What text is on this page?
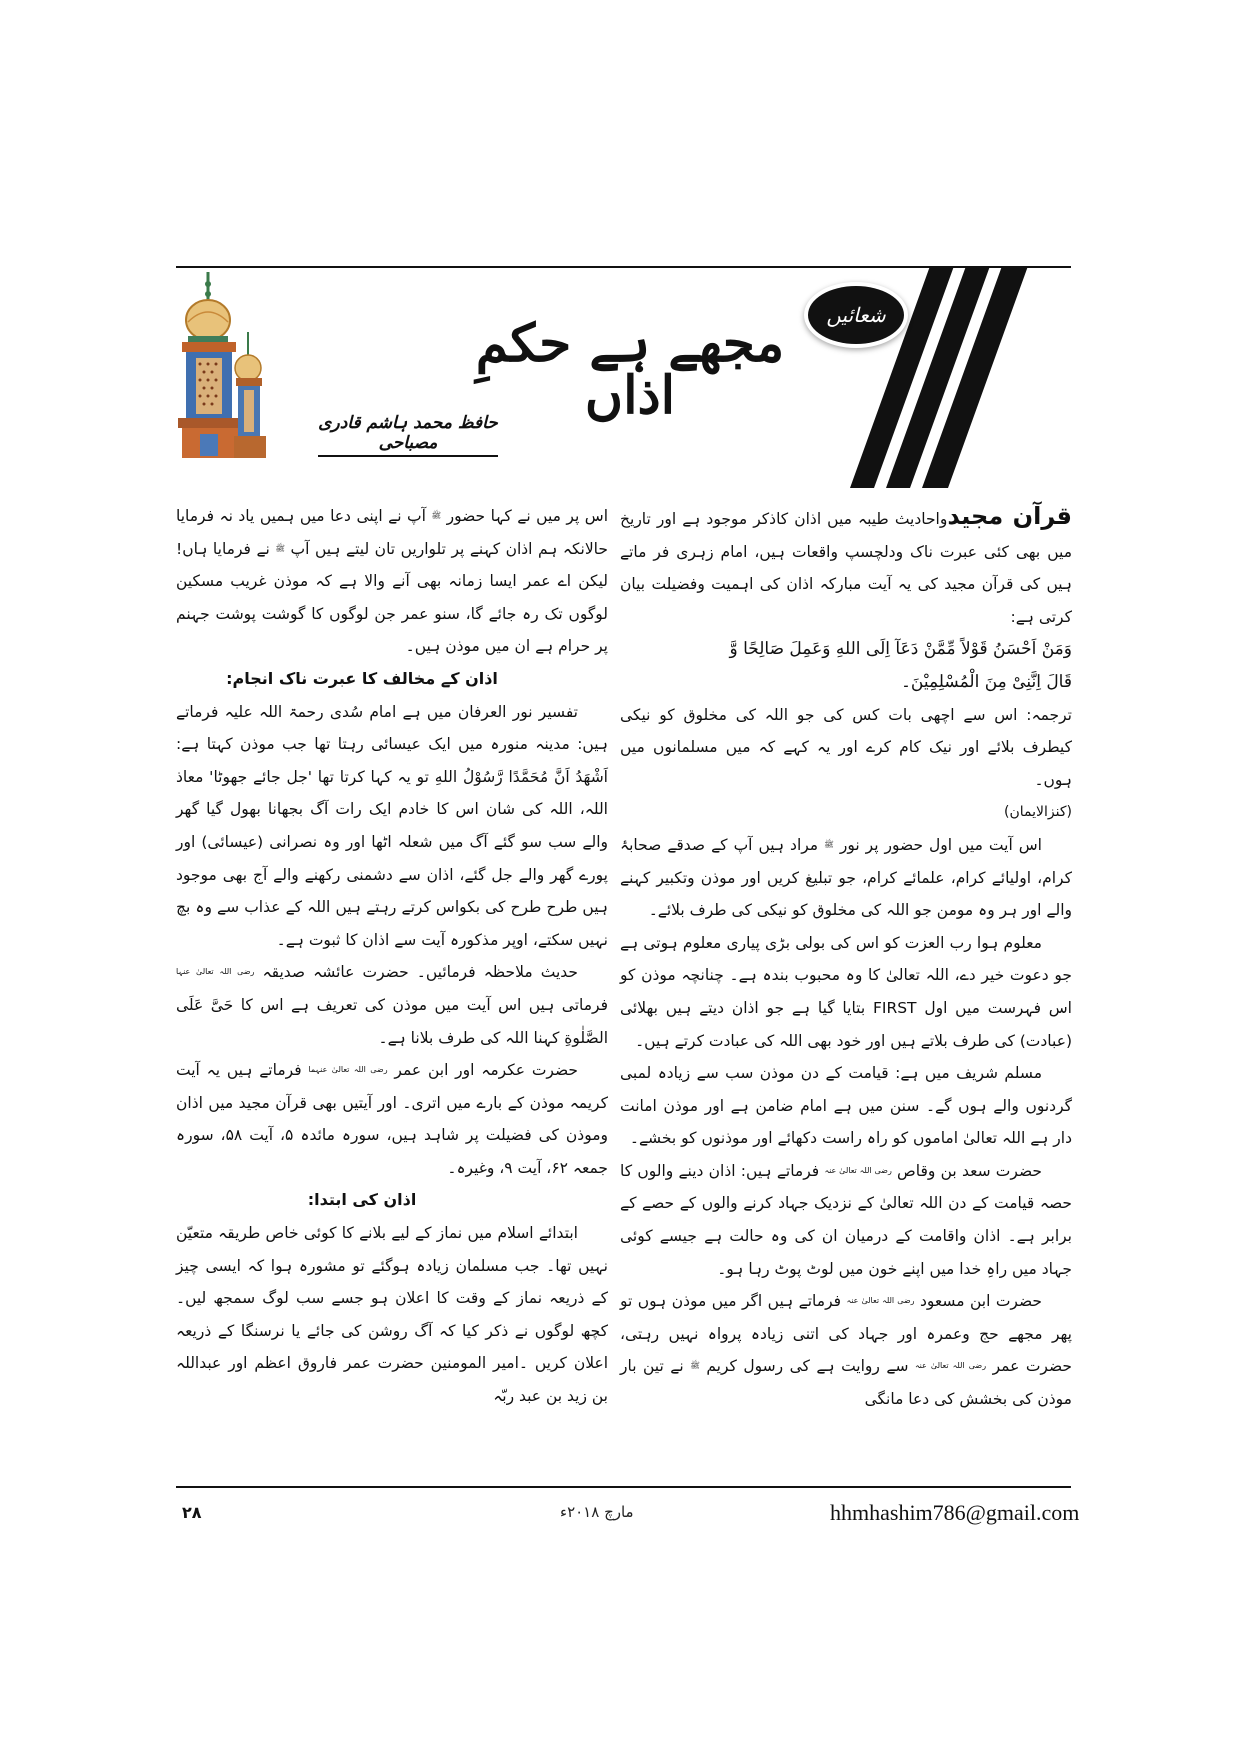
شعائیں
مجھے ہے حکمِ اذاں
حافظ محمد ہاشم قادری مصباحی

قرآن مجیدواحادیث طیبہ میں اذان کاذکر موجود ہے اور تاریخ میں بھی کئی عبرت ناک ودلچسپ واقعات ہیں، امام زہری فر ماتے ہیں کی قرآن مجید کی یہ آیت مبارکہ اذان کی اہمیت وفضیلت بیان کرتی ہے:

وَمَنْ اَحْسَنُ قَوْلاً مِّمَّنْ دَعَآ اِلَى اللهِ وَعَمِلَ صَالِحًا وَّ

قَالَ اِنَّنِیْ مِنَ الْمُسْلِمِیْنَ۔

ترجمہ: اس سے اچھی بات کس کی جو اللہ کی مخلوق کو نیکی کیطرف بلائے اور نیک کام کرے اور یہ کہے کہ میں مسلمانوں میں ہوں۔

(کنزالایمان)

اس آیت میں اول حضور پر نور $^ﷺ$ مراد ہیں آپ کے صدقے صحابۂ کرام، اولیائے کرام، علمائے کرام، جو تبلیغ کریں اور موذن وتکبیر کہنے والے اور ہر وہ مومن جو اللہ کی مخلوق کو نیکی کی طرف بلائے۔

معلوم ہوا رب العزت کو اس کی بولی بڑی پیاری معلوم ہوتی ہے جو دعوت خیر دے، اللہ تعالیٰ کا وہ محبوب بندہ ہے۔ چنانچہ موذن کو اس فہرست میں اول FIRST بتایا گیا ہے جو اذان دیتے ہیں بھلائی (عبادت) کی طرف بلاتے ہیں اور خود بھی اللہ کی عبادت کرتے ہیں۔

مسلم شریف میں ہے: قیامت کے دن موذن سب سے زیادہ لمبی گردنوں والے ہوں گے۔ سنن میں ہے امام ضامن ہے اور موذن امانت دار ہے اللہ تعالیٰ اماموں کو راہ راست دکھائے اور موذنوں کو بخشے۔

حضرت سعد بن وقاص $^{رضی اللہ تعالیٰ عنہ}$ فرماتے ہیں: اذان دینے والوں کا حصہ قیامت کے دن اللہ تعالیٰ کے نزدیک جہاد کرنے والوں کے حصے کے برابر ہے۔ اذان واقامت کے درمیان ان کی وہ حالت ہے جیسے کوئی جہاد میں راہِ خدا میں اپنے خون میں لوٹ پوٹ رہا ہو۔

حضرت ابن مسعود $^{رضی اللہ تعالیٰ عنہ}$ فرماتے ہیں اگر میں موذن ہوں تو پھر مجھے حج وعمرہ اور جہاد کی اتنی زیادہ پرواہ نہیں رہتی، حضرت عمر $^{رضی اللہ تعالیٰ عنہ}$ سے روایت ہے کی رسول کریم $^ﷺ$ نے تین بار موذن کی بخشش کی دعا مانگی

اس پر میں نے کہا حضور $^ﷺ$ آپ نے اپنی دعا میں ہمیں یاد نہ فرمایا حالانکہ ہم اذان کہنے پر تلواریں تان لیتے ہیں آپ $^ﷺ$ نے فرمایا ہاں! لیکن اے عمر ایسا زمانہ بھی آنے والا ہے کہ موذن غریب مسکین لوگوں تک رہ جائے گا، سنو عمر جن لوگوں کا گوشت پوشت جہنم پر حرام ہے ان میں موذن ہیں۔

اذان کے مخالف کا عبرت ناک انجام:

تفسیر نور العرفان میں ہے امام سُدی رحمۃ اللہ علیہ فرماتے ہیں: مدینہ منورہ میں ایک عیسائی رہتا تھا جب موذن کہتا ہے: اَشْهَدُ اَنَّ مُحَمَّدًا رَّسُوْلُ اللهِ تو یہ کہا کرتا تھا 'جل جائے جھوٹا' معاذ اللہ، اللہ کی شان اس کا خادم ایک رات آگ بجھانا بھول گیا گھر والے سب سو گئے آگ میں شعلہ اٹھا اور وہ نصرانی (عیسائی) اور پورے گھر والے جل گئے، اذان سے دشمنی رکھنے والے آج بھی موجود ہیں طرح طرح کی بکواس کرتے رہتے ہیں اللہ کے عذاب سے وہ بچ نہیں سکتے، اوپر مذکورہ آیت سے اذان کا ثبوت ہے۔

حدیث ملاحظہ فرمائیں۔ حضرت عائشہ صدیقہ $^{رضی اللہ تعالیٰ عنہا}$ فرماتی ہیں اس آیت میں موذن کی تعریف ہے اس کا حَیَّ عَلَى الصَّلٰوةِ کہنا اللہ کی طرف بلانا ہے۔

حضرت عکرمہ اور ابن عمر $^{رضی اللہ تعالیٰ عنہما}$ فرماتے ہیں یہ آیت کریمہ موذن کے بارے میں اتری۔ اور آیتیں بھی قرآن مجید میں اذان وموذن کی فضیلت پر شاہد ہیں، سورہ مائدہ ۵، آیت ۵۸، سورہ جمعہ ۶۲، آیت ۹، وغیرہ۔

اذان کی ابتدا:

ابتدائے اسلام میں نماز کے لیے بلانے کا کوئی خاص طریقہ متعیّن نہیں تھا۔ جب مسلمان زیادہ ہوگئے تو مشورہ ہوا کہ ایسی چیز کے ذریعہ نماز کے وقت کا اعلان ہو جسے سب لوگ سمجھ لیں۔ کچھ لوگوں نے ذکر کیا کہ آگ روشن کی جائے یا نرسنگا کے ذریعہ اعلان کریں ۔امیر المومنین حضرت عمر فاروق اعظم اور عبداللہ بن زید بن عبد ربّہ

hhmhashim786@gmail.com
مارچ ۲۰۱۸ء
۲۸
